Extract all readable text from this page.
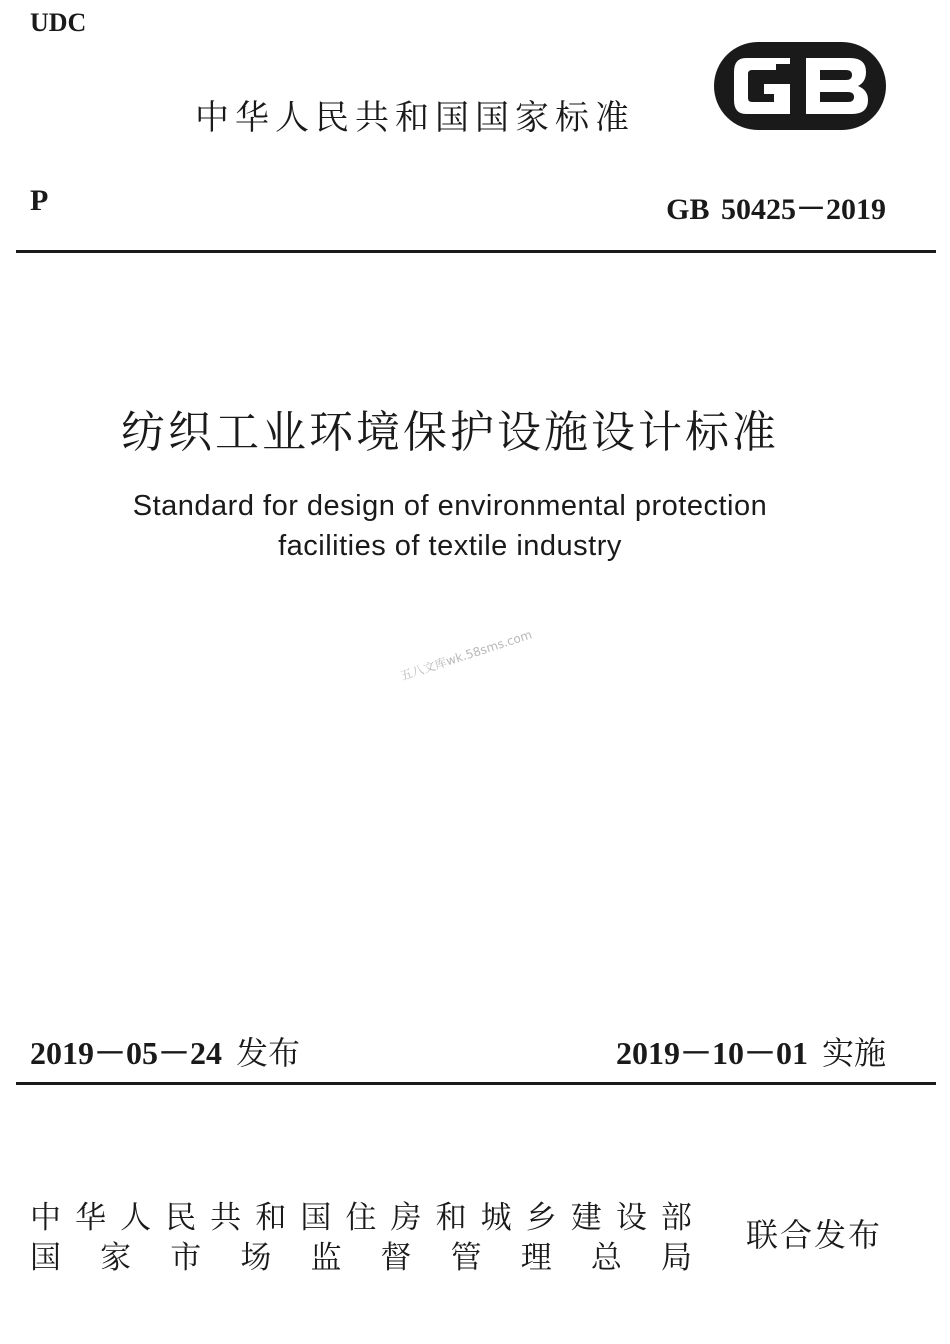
UDC
中华人民共和国国家标准
P	GB 50425－2019
纺织工业环境保护设施设计标准
Standard for design of environmental protection
facilities of textile industry
五八文库wk.58sms.com
2019－05－24 发布	2019－10－01 实施
中 华 人 民 共 和 国 住 房 和 城 乡 建 设 部
国 家 市 场 监 督 管 理 总 局
联合发布
